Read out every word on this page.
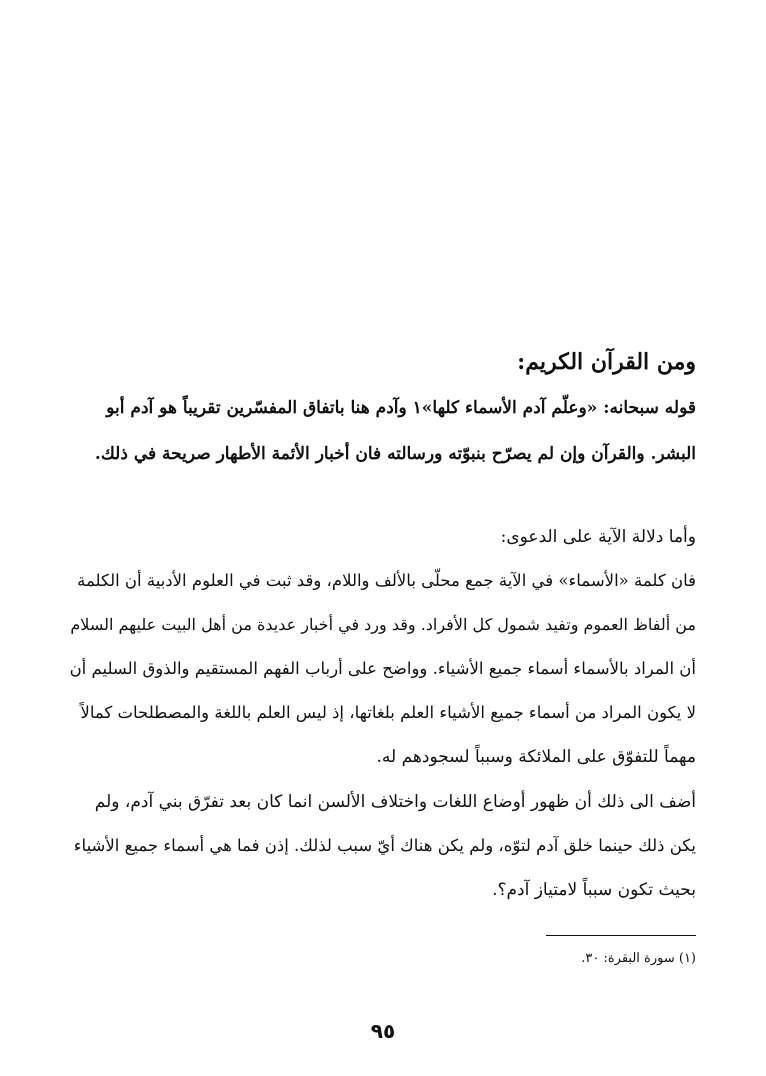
ومن القرآن الكريم:
قوله سبحانه: «وعلّم آدم الأسماء كلها»١ وآدم هنا باتفاق المفسّرين تقريباً هو آدم أبو
البشر. والقرآن وإن لم يصرّح بنبوّته ورسالته فان أخبار الأئمة الأطهار صريحة في ذلك.
وأما دلالة الآية على الدعوى:
فان كلمة «الأسماء» في الآية جمع محلّى بالألف واللام، وقد ثبت في العلوم الأدبية أن الكلمة
من ألفاظ العموم وتفيد شمول كل الأفراد. وقد ورد في أخبار عديدة من أهل البيت عليهم السلام
أن المراد بالأسماء أسماء جميع الأشياء. وواضح على أرباب الفهم المستقيم والذوق السليم أن
لا يكون المراد من أسماء جميع الأشياء العلم بلغاتها، إذ ليس العلم باللغة والمصطلحات كمالاً
مهماً للتفوّق على الملائكة وسبباً لسجودهم له.
أضف الى ذلك أن ظهور أوضاع اللغات واختلاف الألسن انما كان بعد تفرّق بني آدم، ولم
يكن ذلك حينما خلق آدم لتوّه، ولم يكن هناك أيّ سبب لذلك. إذن فما هي أسماء جميع الأشياء
بحيث تكون سبباً لامتياز آدم؟.
(١) سورة البقرة: ٣٠.
٩٥
